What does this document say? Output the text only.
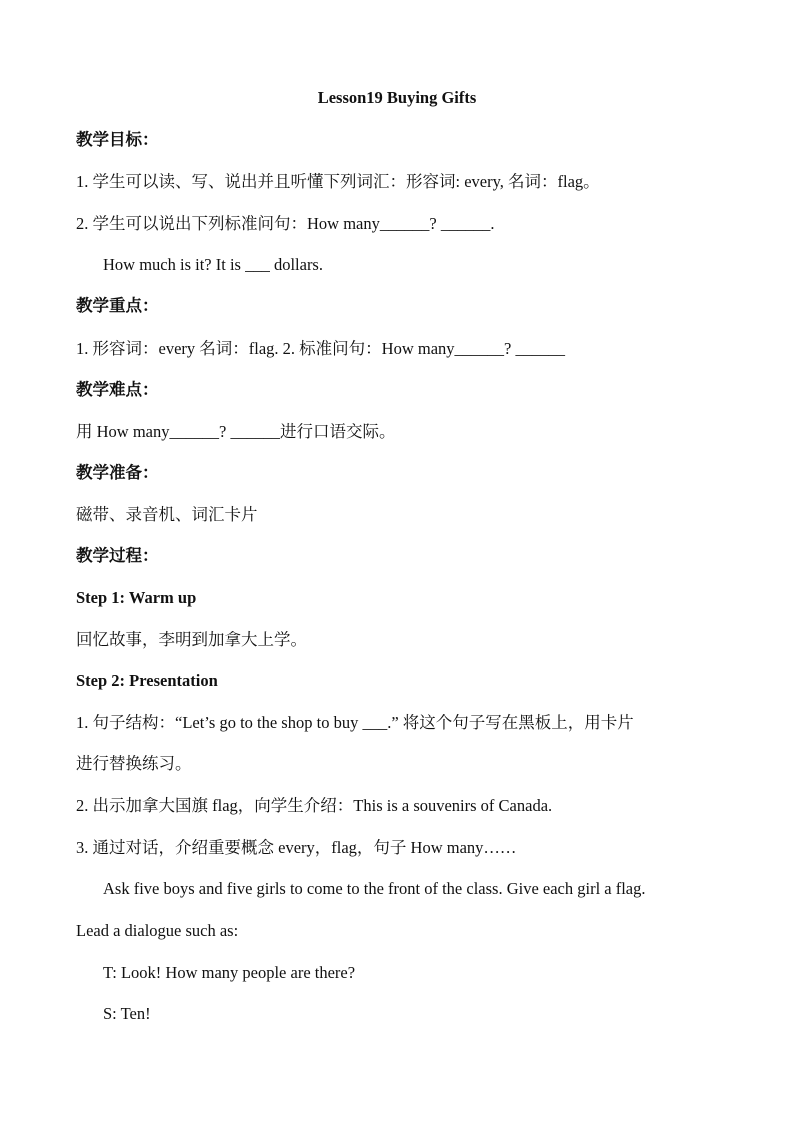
Lesson19 Buying Gifts
教学目标：
1. 学生可以读、写、说出并且听懂下列词汇：形容词: every, 名词：flag。
2. 学生可以说出下列标准问句：How many______? ______.
How much is it? It is ___ dollars.
教学重点：
1. 形容词：every 名词：flag. 2. 标准问句：How many______? ______
教学难点：
用 How many______? ______进行口语交际。
教学准备：
磁带、录音机、词汇卡片
教学过程：
Step 1: Warm up
回忆故事，李明到加拿大上学。
Step 2: Presentation
1. 句子结构：“Let’s go to the shop to buy ___.” 将这个句子写在黑板上，用卡片
进行替换练习。
2. 出示加拿大国旗 flag，向学生介绍：This is a souvenirs of Canada.
3. 通过对话，介绍重要概念 every，flag，句子 How many……
Ask five boys and five girls to come to the front of the class. Give each girl a flag.
Lead a dialogue such as:
T: Look! How many people are there?
S: Ten!
